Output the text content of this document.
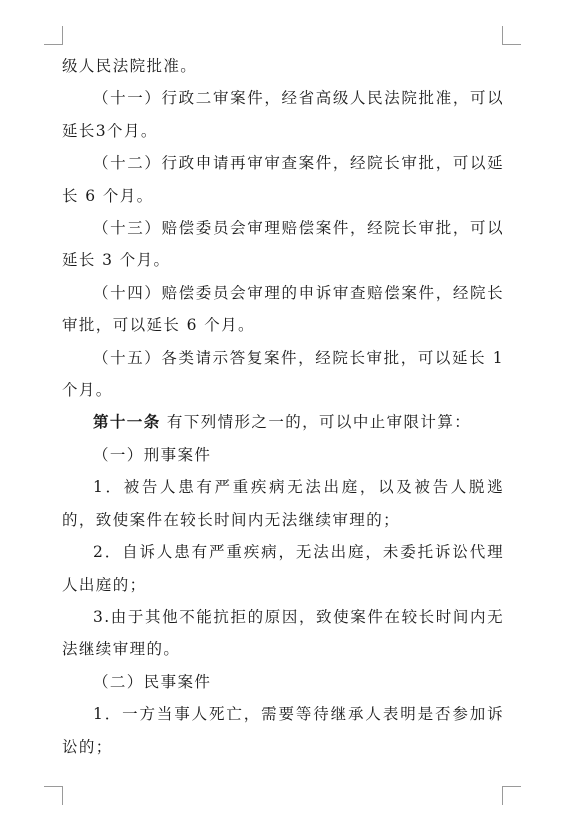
级人民法院批准。

（十一）行政二审案件，经省高级人民法院批准，可以延长3个月。

（十二）行政申请再审审查案件，经院长审批，可以延长 6 个月。

（十三）赔偿委员会审理赔偿案件，经院长审批，可以延长 3 个月。

（十四）赔偿委员会审理的申诉审查赔偿案件，经院长审批，可以延长 6 个月。

（十五）各类请示答复案件，经院长审批，可以延长 1 个月。

第十一条 有下列情形之一的，可以中止审限计算：

（一）刑事案件

1．被告人患有严重疾病无法出庭，以及被告人脱逃的，致使案件在较长时间内无法继续审理的；

2．自诉人患有严重疾病，无法出庭，未委托诉讼代理人出庭的；

3.由于其他不能抗拒的原因，致使案件在较长时间内无法继续审理的。

（二）民事案件

1．一方当事人死亡，需要等待继承人表明是否参加诉讼的；
